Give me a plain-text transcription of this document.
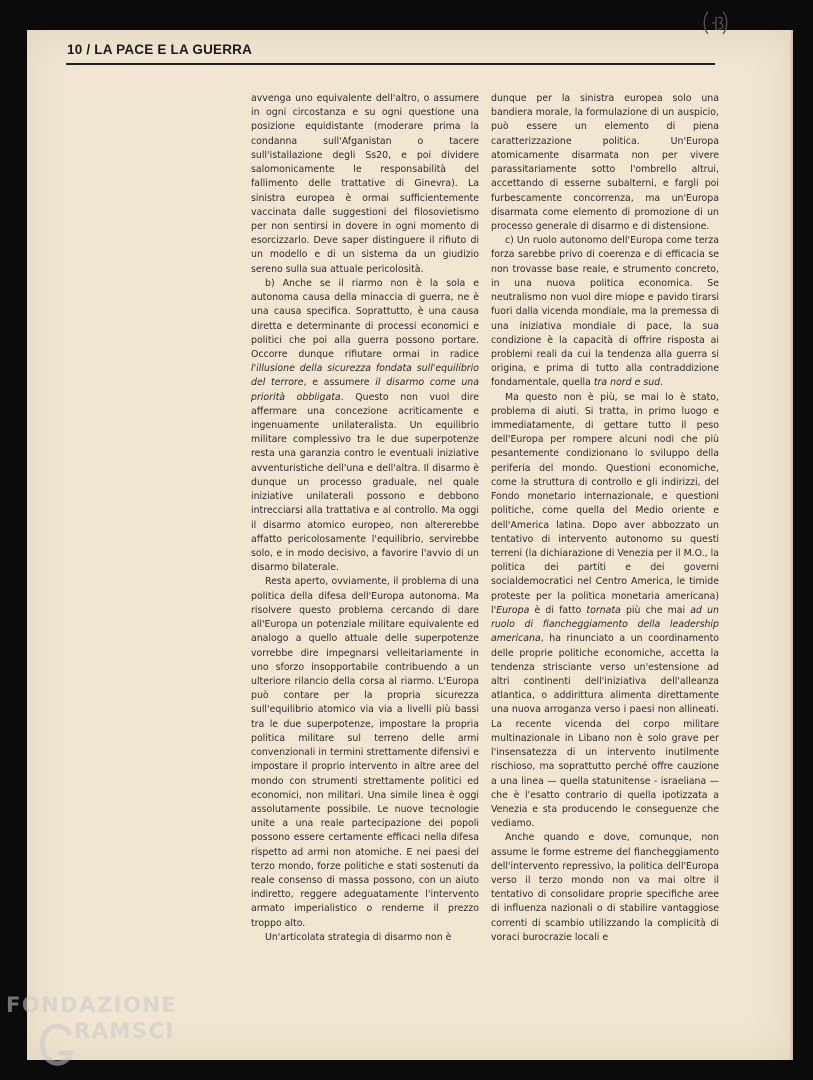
10 / LA PACE E LA GUERRA

avvenga uno equivalente dell'altro, o assumere in ogni circostanza e su ogni questione una posizione equidistante (moderare prima la condanna sull'Afganistan o tacere sull'istallazione degli Ss20, e poi dividere salomonicamente le responsabilità del fallimento delle trattative di Ginevra). La sinistra europea è ormai sufficientemente vaccinata dalle suggestioni del filosovietismo per non sentirsi in dovere in ogni momento di esorcizzarlo. Deve saper distinguere il rifiuto di un modello e di un sistema da un giudizio sereno sulla sua attuale pericolosità.

b) Anche se il riarmo non è la sola e autonoma causa della minaccia di guerra, ne è una causa specifica. Soprattutto, è una causa diretta e determinante di processi economici e politici che poi alla guerra possono portare. Occorre dunque rifiutare ormai in radice l'illusione della sicurezza fondata sull'equilibrio del terrore, e assumere il disarmo come una priorità obbligata. Questo non vuol dire affermare una concezione acriticamente e ingenuamente unilateralista. Un equilibrio militare complessivo tra le due superpotenze resta una garanzia contro le eventuali iniziative avventuristiche dell'una e dell'altra. Il disarmo è dunque un processo graduale, nel quale iniziative unilaterali possono e debbono intrecciarsi alla trattativa e al controllo. Ma oggi il disarmo atomico europeo, non altererebbe affatto pericolosamente l'equilibrio, servirebbe solo, e in modo decisivo, a favorire l'avvio di un disarmo bilaterale.

Resta aperto, ovviamente, il problema di una politica della difesa dell'Europa autonoma. Ma risolvere questo problema cercando di dare all'Europa un potenziale militare equivalente ed analogo a quello attuale delle superpotenze vorrebbe dire impegnarsi velleitariamente in uno sforzo insopportabile contribuendo a un ulteriore rilancio della corsa al riarmo. L'Europa può contare per la propria sicurezza sull'equilibrio atomico via via a livelli più bassi tra le due superpotenze, impostare la propria politica militare sul terreno delle armi convenzionali in termini strettamente difensivi e impostare il proprio intervento in altre aree del mondo con strumenti strettamente politici ed economici, non militari. Una simile linea è oggi assolutamente possibile. Le nuove tecnologie unite a una reale partecipazione dei popoli possono essere certamente efficaci nella difesa rispetto ad armi non atomiche. E nei paesi del terzo mondo, forze politiche e stati sostenuti da reale consenso di massa possono, con un aiuto indiretto, reggere adeguatamente l'intervento armato imperialistico o renderne il prezzo troppo alto.

Un'articolata strategia di disarmo non è

dunque per la sinistra europea solo una bandiera morale, la formulazione di un auspicio, può essere un elemento di piena caratterizzazione politica. Un'Europa atomicamente disarmata non per vivere parassitariamente sotto l'ombrello altrui, accettando di esserne subalterni, e fargli poi furbescamente concorrenza, ma un'Europa disarmata come elemento di promozione di un processo generale di disarmo e di distensione.

c) Un ruolo autonomo dell'Europa come terza forza sarebbe privo di coerenza e di efficacia se non trovasse base reale, e strumento concreto, in una nuova politica economica. Se neutralismo non vuol dire miope e pavido tirarsi fuori dalla vicenda mondiale, ma la premessa di una iniziativa mondiale di pace, la sua condizione è la capacità di offrire risposta ai problemi reali da cui la tendenza alla guerra si origina, e prima di tutto alla contraddizione fondamentale, quella tra nord e sud.

Ma questo non è più, se mai lo è stato, problema di aiuti. Si tratta, in primo luogo e immediatamente, di gettare tutto il peso dell'Europa per rompere alcuni nodi che più pesantemente condizionano lo sviluppo della periferia del mondo. Questioni economiche, come la struttura di controllo e gli indirizzi, del Fondo monetario internazionale, e questioni politiche, come quella del Medio oriente e dell'America latina. Dopo aver abbozzato un tentativo di intervento autonomo su questi terreni (la dichiarazione di Venezia per il M.O., la politica dei partiti e dei governi socialdemocratici nel Centro America, le timide proteste per la politica monetaria americana) l'Europa è di fatto tornata più che mai ad un ruolo di fiancheggiamento della leadership americana, ha rinunciato a un coordinamento delle proprie politiche economiche, accetta la tendenza strisciante verso un'estensione ad altri continenti dell'iniziativa dell'alleanza atlantica, o addirittura alimenta direttamente una nuova arroganza verso i paesi non allineati. La recente vicenda del corpo militare multinazionale in Libano non è solo grave per l'insensatezza di un intervento inutilmente rischioso, ma soprattutto perché offre cauzione a una linea — quella statunitense - israeliana — che è l'esatto contrario di quella ipotizzata a Venezia e sta producendo le conseguenze che vediamo.

Anche quando e dove, comunque, non assume le forme estreme del fiancheggiamento dell'intervento repressivo, la politica dell'Europa verso il terzo mondo non va mai oltre il tentativo di consolidare proprie specifiche aree di influenza nazionali o di stabilire vantaggiose correnti di scambio utilizzando la complicità di voraci burocrazie locali e

FONDAZIONE
RAMSCI
